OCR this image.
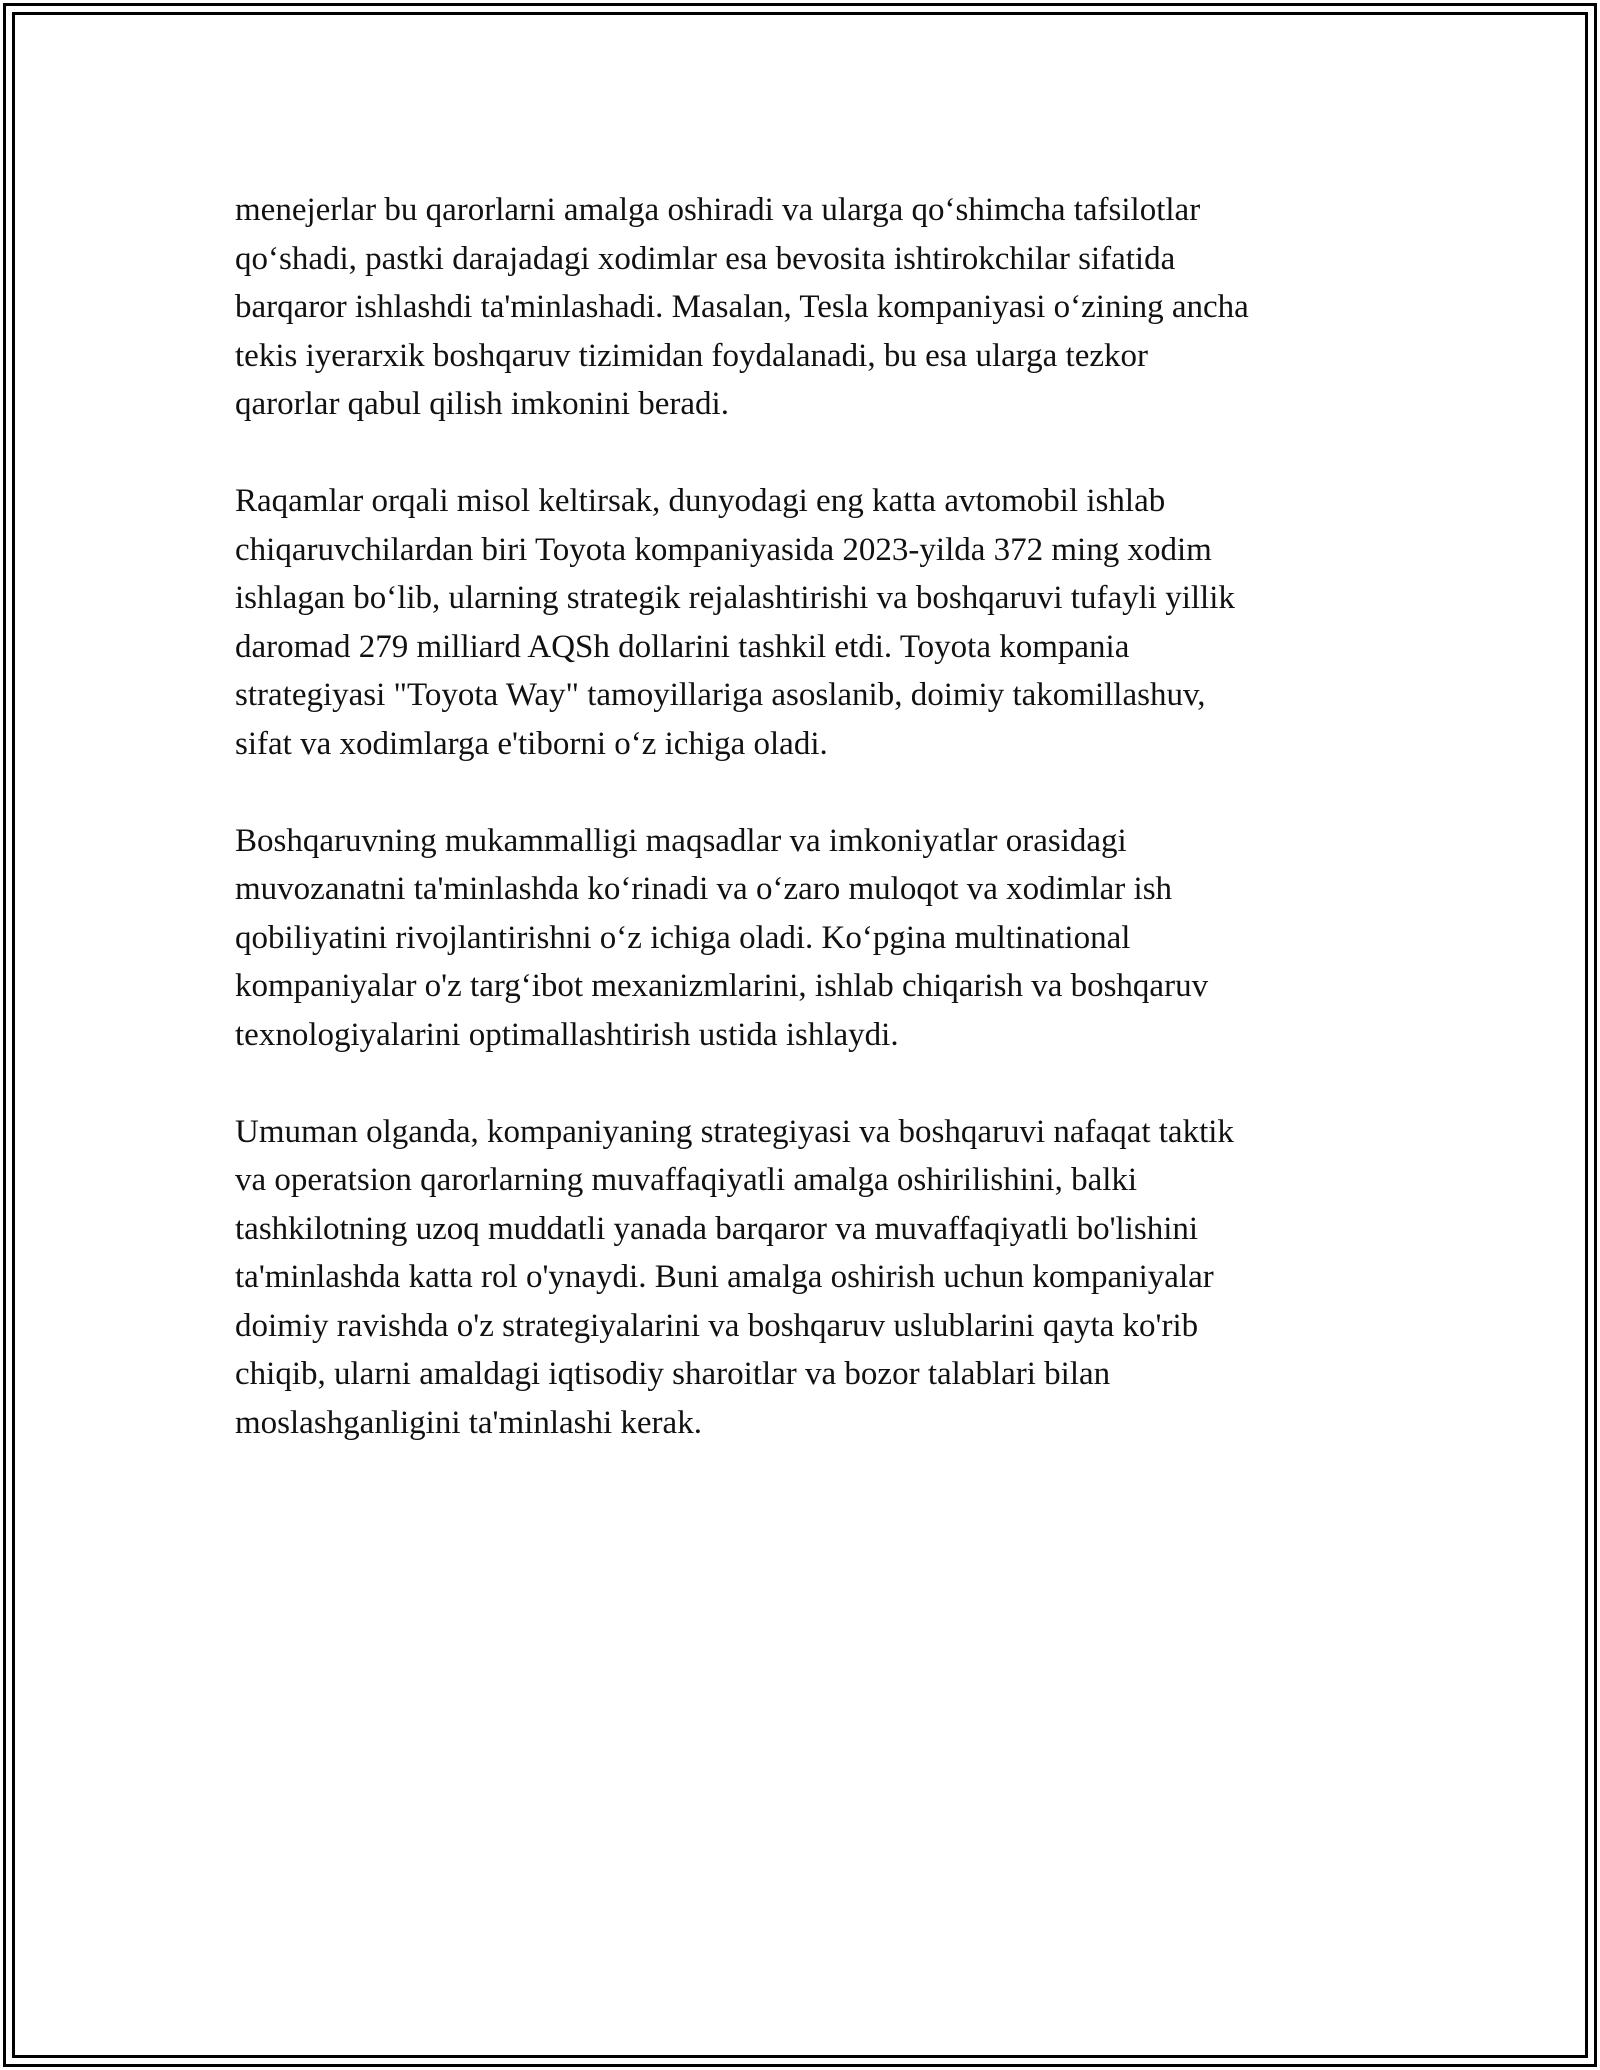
menejerlar bu qarorlarni amalga oshiradi va ularga qo‘shimcha tafsilotlar
qo‘shadi, pastki darajadagi xodimlar esa bevosita ishtirokchilar sifatida
barqaror ishlashdi ta'minlashadi. Masalan, Tesla kompaniyasi o‘zining ancha
tekis iyerarxik boshqaruv tizimidan foydalanadi, bu esa ularga tezkor
qarorlar qabul qilish imkonini beradi.

Raqamlar orqali misol keltirsak, dunyodagi eng katta avtomobil ishlab
chiqaruvchilardan biri Toyota kompaniyasida 2023-yilda 372 ming xodim
ishlagan bo‘lib, ularning strategik rejalashtirishi va boshqaruvi tufayli yillik
daromad 279 milliard AQSh dollarini tashkil etdi. Toyota kompania
strategiyasi "Toyota Way" tamoyillariga asoslanib, doimiy takomillashuv,
sifat va xodimlarga e'tiborni o‘z ichiga oladi.

Boshqaruvning mukammalligi maqsadlar va imkoniyatlar orasidagi
muvozanatni ta'minlashda ko‘rinadi va o‘zaro muloqot va xodimlar ish
qobiliyatini rivojlantirishni o‘z ichiga oladi. Ko‘pgina multinational
kompaniyalar o'z targ‘ibot mexanizmlarini, ishlab chiqarish va boshqaruv
texnologiyalarini optimallashtirish ustida ishlaydi.

Umuman olganda, kompaniyaning strategiyasi va boshqaruvi nafaqat taktik
va operatsion qarorlarning muvaffaqiyatli amalga oshirilishini, balki
tashkilotning uzoq muddatli yanada barqaror va muvaffaqiyatli bo'lishini
ta'minlashda katta rol o'ynaydi. Buni amalga oshirish uchun kompaniyalar
doimiy ravishda o'z strategiyalarini va boshqaruv uslublarini qayta ko'rib
chiqib, ularni amaldagi iqtisodiy sharoitlar va bozor talablari bilan
moslashganligini ta'minlashi kerak.
